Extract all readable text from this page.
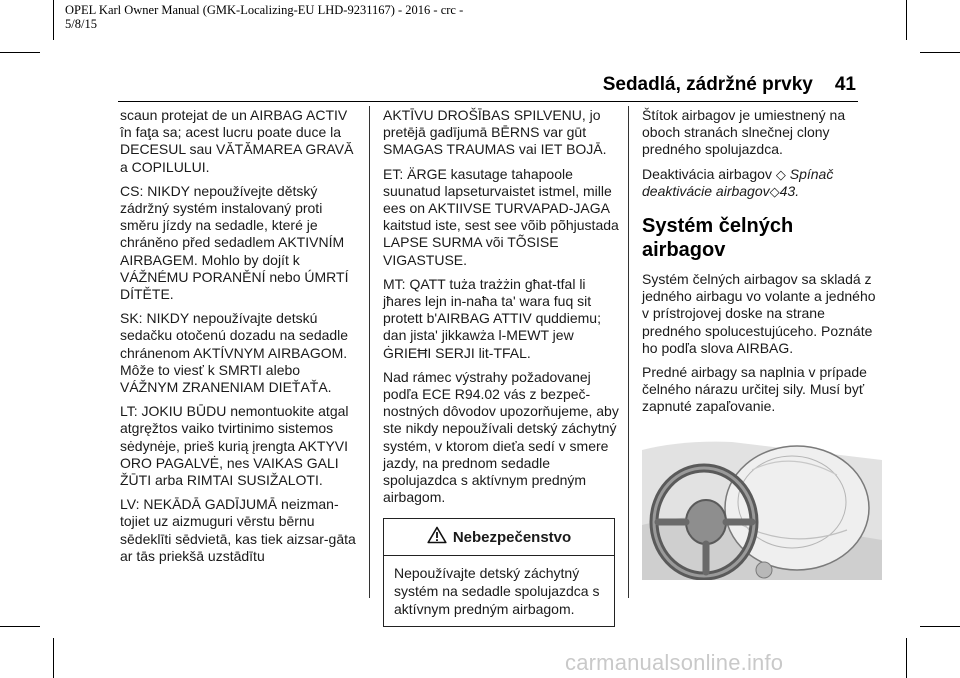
OPEL Karl Owner Manual (GMK-Localizing-EU LHD-9231167) - 2016 - crc - 5/8/15
Sedadlá, zádržné prvky 41

scaun protejat de un AIRBAG ACTIV în faţa sa; acest lucru poate duce la DECESUL sau VĂTĂMAREA GRAVĂ a COPILULUI.

CS: NIKDY nepoužívejte dětský zádržný systém instalovaný proti směru jízdy na sedadle, které je chráněno před sedadlem AKTIVNÍM AIRBAGEM. Mohlo by dojít k VÁŽNÉMU PORANĚNÍ nebo ÚMRTÍ DÍTĚTE.

SK: NIKDY nepoužívajte detskú sedačku otočenú dozadu na sedadle chránenom AKTÍVNYM AIRBAGOM. Môže to viesť k SMRTI alebo VÁŽNYM ZRANENIAM DIEŤAŤA.

LT: JOKIU BŪDU nemontuokite atgal atgręžtos vaiko tvirtinimo sistemos sėdynėje, prieš kurią įrengta AKTYVI ORO PAGALVĖ, nes VAIKAS GALI ŽŪTI arba RIMTAI SUSIŽALOTI.

LV: NEKĀDĀ GADĪJUMĀ neizman-tojiet uz aizmuguri vērstu bērnu sēdeklīti sēdvietā, kas tiek aizsar-gāta ar tās priekšā uzstādītu

AKTĪVU DROŠĪBAS SPILVENU, jo pretējā gadījumā BĒRNS var gūt SMAGAS TRAUMAS vai IET BOJĀ.

ET: ÄRGE kasutage tahapoole suunatud lapseturvaistet istmel, mille ees on AKTIIVSE TURVAPAD-JAGA kaitstud iste, sest see võib põhjustada LAPSE SURMA või TÕSISE VIGASTUSE.

MT: QATT tuża trażżin għat-tfal li jħares lejn in-naħa ta' wara fuq sit protett b'AIRBAG ATTIV quddiemu; dan jista' jikkawża l-MEWT jew ĠRIEĦI SERJI lit-TFAL.

Nad rámec výstrahy požadovanej podľa ECE R94.02 vás z bezpeč-nostných dôvodov upozorňujeme, aby ste nikdy nepoužívali detský záchytný systém, v ktorom dieťa sedí v smere jazdy, na prednom sedadle spolujazdca s aktívnym predným airbagom.

Nebezpečenstvo
Nepoužívajte detský záchytný systém na sedadle spolujazdca s aktívnym predným airbagom.

Štítok airbagov je umiestnený na oboch stranách slnečnej clony predného spolujazdca.

Deaktivácia airbagov ◇ Spínač deaktivácie airbagov◇43.

Systém čelných airbagov

Systém čelných airbagov sa skladá z jedného airbagu vo volante a jedného v prístrojovej doske na strane predného spolucestujúceho. Poznáte ho podľa slova AIRBAG.

Predné airbagy sa naplnia v prípade čelného nárazu určitej sily. Musí byť zapnuté zapaľovanie.

carmanualsonline.info
